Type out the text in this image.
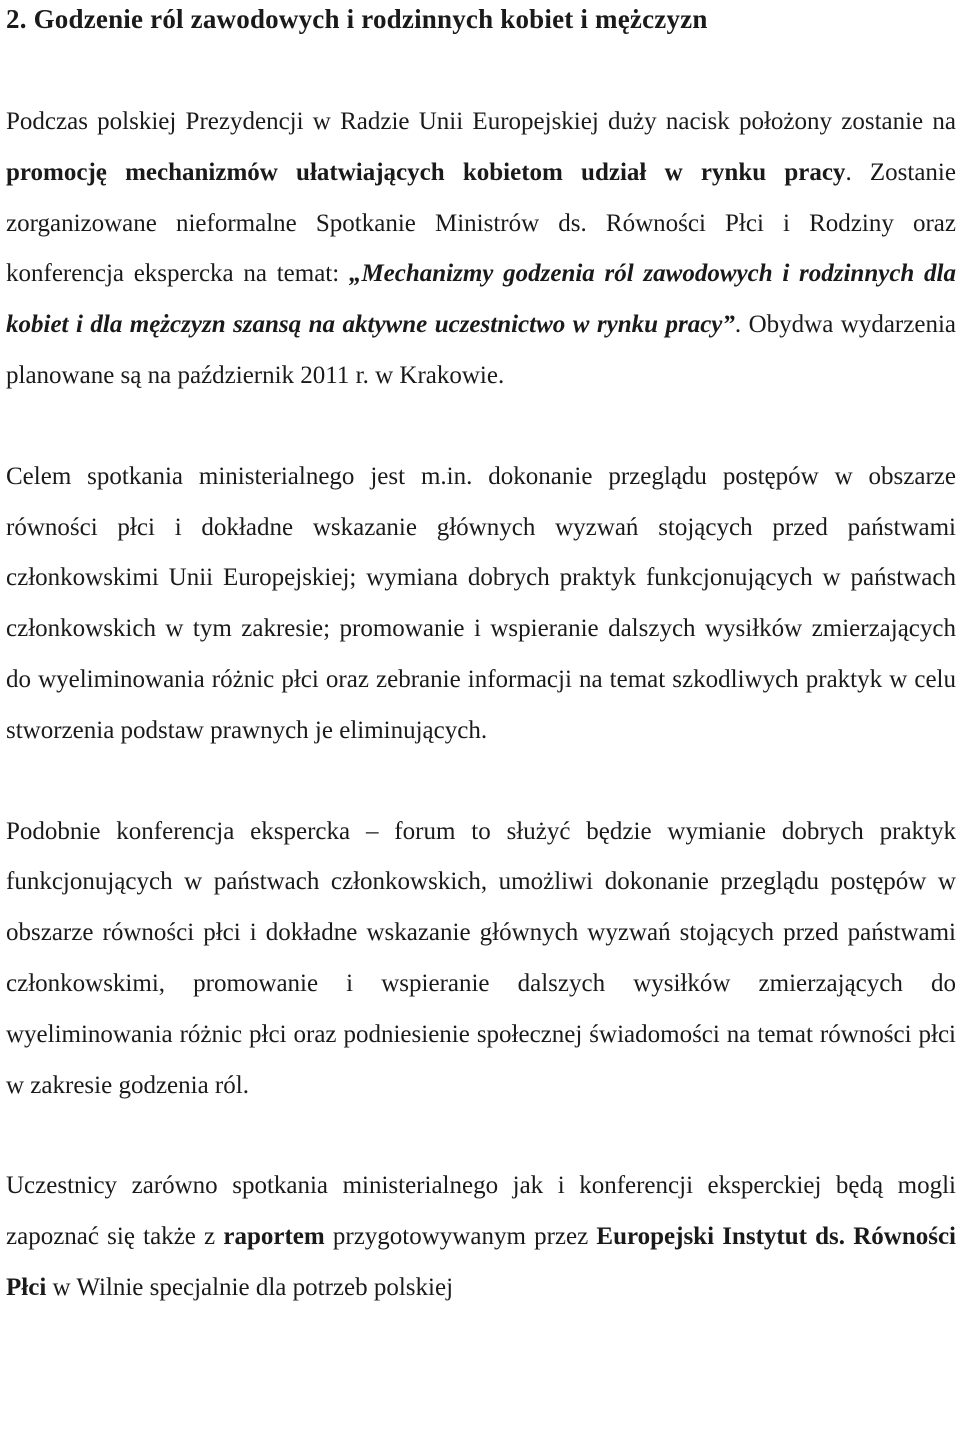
2. Godzenie ról zawodowych i rodzinnych kobiet i mężczyzn

Podczas polskiej Prezydencji w Radzie Unii Europejskiej duży nacisk położony zostanie na promocję mechanizmów ułatwiających kobietom udział w rynku pracy. Zostanie zorganizowane nieformalne Spotkanie Ministrów ds. Równości Płci i Rodziny oraz konferencja ekspercka na temat: „Mechanizmy godzenia ról zawodowych i rodzinnych dla kobiet i dla mężczyzn szansą na aktywne uczestnictwo w rynku pracy”. Obydwa wydarzenia planowane są na październik 2011 r. w Krakowie.

Celem spotkania ministerialnego jest m.in. dokonanie przeglądu postępów w obszarze równości płci i dokładne wskazanie głównych wyzwań stojących przed państwami członkowskimi Unii Europejskiej; wymiana dobrych praktyk funkcjonujących w państwach członkowskich w tym zakresie; promowanie i wspieranie dalszych wysiłków zmierzających do wyeliminowania różnic płci oraz zebranie informacji na temat szkodliwych praktyk w celu stworzenia podstaw prawnych je eliminujących.

Podobnie konferencja ekspercka – forum to służyć będzie wymianie dobrych praktyk funkcjonujących w państwach członkowskich, umożliwi dokonanie przeglądu postępów w obszarze równości płci i dokładne wskazanie głównych wyzwań stojących przed państwami członkowskimi, promowanie i wspieranie dalszych wysiłków zmierzających do wyeliminowania różnic płci oraz podniesienie społecznej świadomości na temat równości płci w zakresie godzenia ról.

Uczestnicy zarówno spotkania ministerialnego jak i konferencji eksperckiej będą mogli zapoznać się także z raportem przygotowywanym przez Europejski Instytut ds. Równości Płci w Wilnie specjalnie dla potrzeb polskiej
